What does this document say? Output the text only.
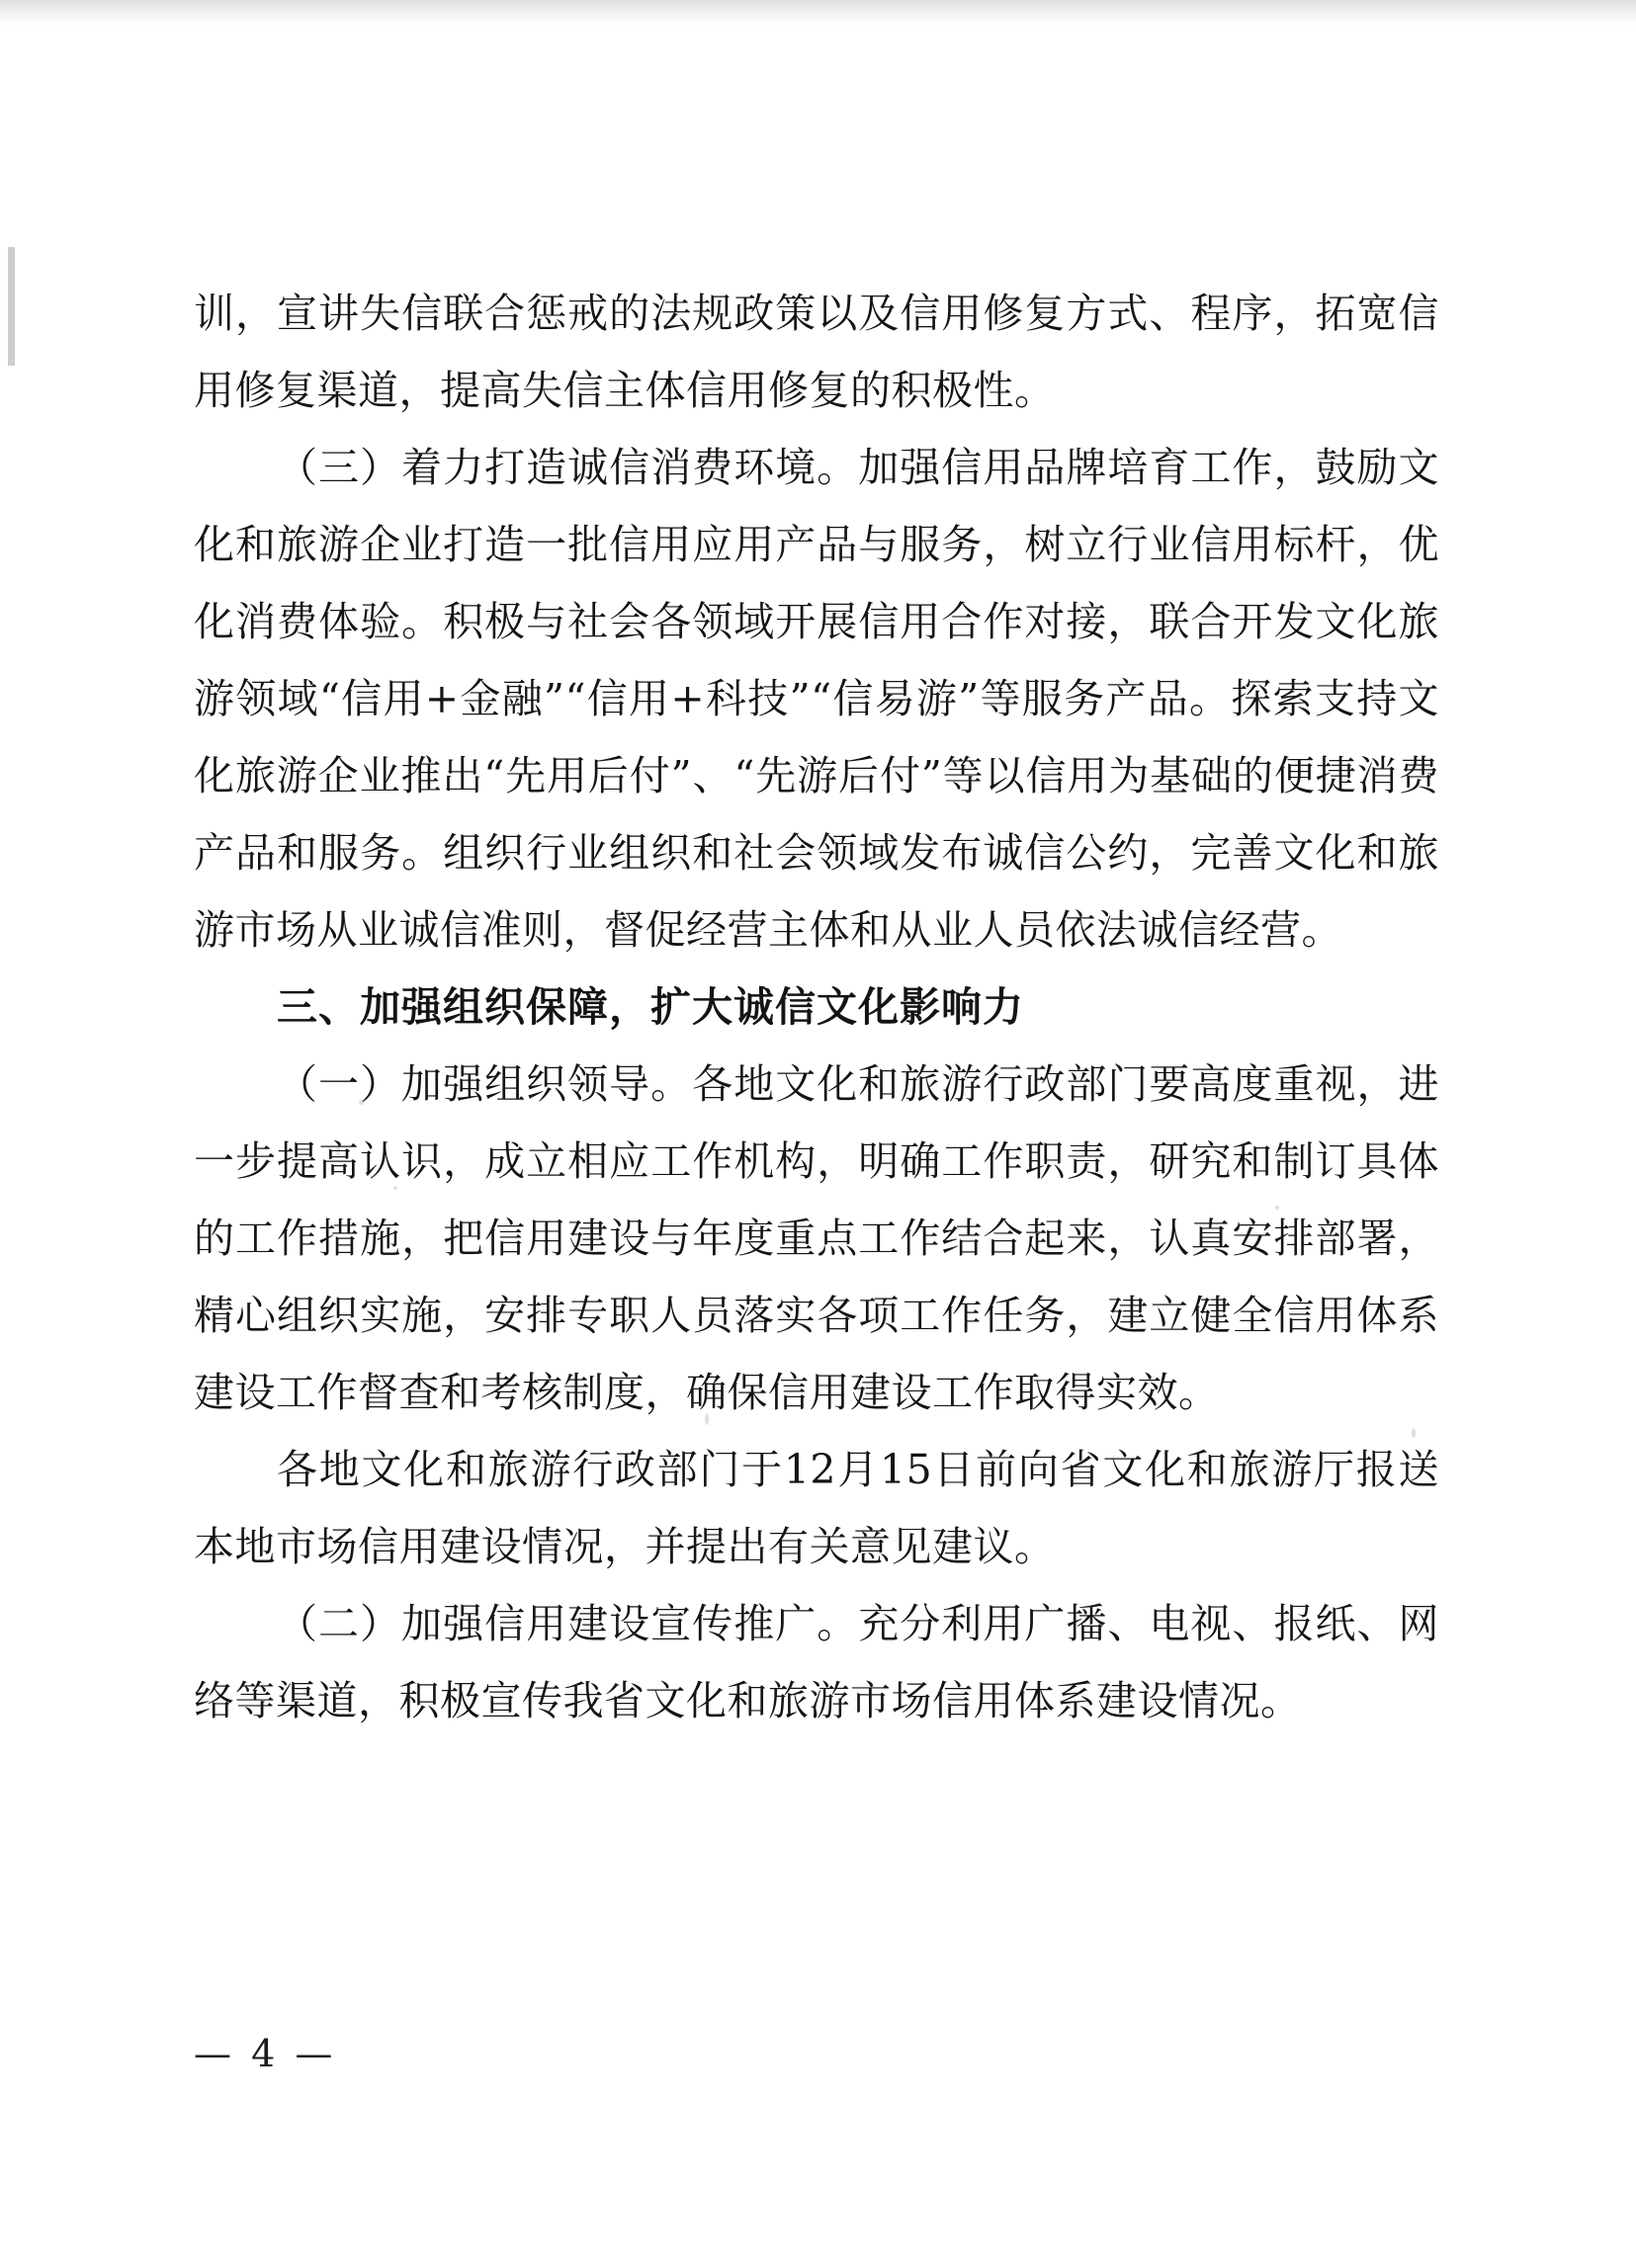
训，宣讲失信联合惩戒的法规政策以及信用修复方式、程序，拓宽信用修复渠道，提高失信主体信用修复的积极性。

（三）着力打造诚信消费环境。加强信用品牌培育工作，鼓励文化和旅游企业打造一批信用应用产品与服务，树立行业信用标杆，优化消费体验。积极与社会各领域开展信用合作对接，联合开发文化旅游领域“信用+金融”“信用+科技”“信易游”等服务产品。探索支持文化旅游企业推出“先用后付”、“先游后付”等以信用为基础的便捷消费产品和服务。组织行业组织和社会领域发布诚信公约，完善文化和旅游市场从业诚信准则，督促经营主体和从业人员依法诚信经营。

三、加强组织保障，扩大诚信文化影响力

（一）加强组织领导。各地文化和旅游行政部门要高度重视，进一步提高认识，成立相应工作机构，明确工作职责，研究和制订具体的工作措施，把信用建设与年度重点工作结合起来，认真安排部署，精心组织实施，安排专职人员落实各项工作任务，建立健全信用体系建设工作督查和考核制度，确保信用建设工作取得实效。

各地文化和旅游行政部门于12月15日前向省文化和旅游厅报送本地市场信用建设情况，并提出有关意见建议。

（二）加强信用建设宣传推广。充分利用广播、电视、报纸、网络等渠道，积极宣传我省文化和旅游市场信用体系建设情况。

— 4 —
